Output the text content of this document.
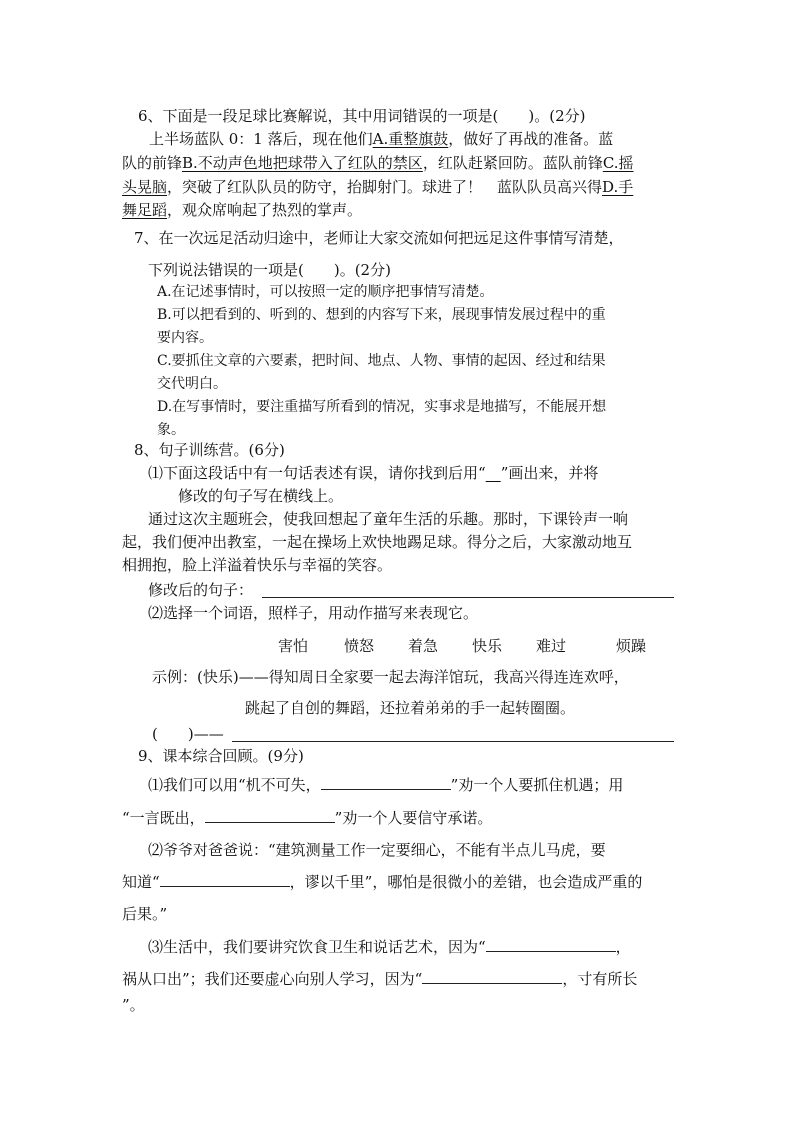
6、下面是一段足球比赛解说，其中用词错误的一项是(　　)。(2分)
上半场蓝队 0：1 落后，现在他们A.重整旗鼓，做好了再战的准备。蓝
队的前锋B.不动声色地把球带入了红队的禁区，红队赶紧回防。蓝队前锋C.摇
头晃脑，突破了红队队员的防守，抬脚射门。球进了！　蓝队队员高兴得D.手
舞足蹈，观众席响起了热烈的掌声。
7、在一次远足活动归途中，老师让大家交流如何把远足这件事情写清楚，
下列说法错误的一项是(　　)。(2分)
A.在记述事情时，可以按照一定的顺序把事情写清楚。
B.可以把看到的、听到的、想到的内容写下来，展现事情发展过程中的重
要内容。
C.要抓住文章的六要素，把时间、地点、人物、事情的起因、经过和结果
交代明白。
D.在写事情时，要注重描写所看到的情况，实事求是地描写，不能展开想
象。
8、句子训练营。(6分)
⑴下面这段话中有一句话表述有误，请你找到后用“　 ”画出来，并将
修改的句子写在横线上。
通过这次主题班会，使我回想起了童年生活的乐趣。那时，下课铃声一响
起，我们便冲出教室，一起在操场上欢快地踢足球。得分之后，大家激动地互
相拥抱，脸上洋溢着快乐与幸福的笑容。
修改后的句子：
⑵选择一个词语，照样子，用动作描写来表现它。
害怕 愤怒 着急 快乐 难过	烦躁
示例：(快乐)——得知周日全家要一起去海洋馆玩，我高兴得连连欢呼，
跳起了自创的舞蹈，还拉着弟弟的手一起转圈圈。
(　　)——
9、课本综合回顾。(9分)
⑴我们可以用“机不可失，	”劝一个人要抓住机遇；用
“一言既出，	”劝一个人要信守承诺。
⑵爷爷对爸爸说：“建筑测量工作一定要细心，不能有半点儿马虎，要
知道“	，谬以千里”，哪怕是很微小的差错，也会造成严重的
后果。”
⑶生活中，我们要讲究饮食卫生和说话艺术，因为“	，
祸从口出”；我们还要虚心向别人学习，因为“	，寸有所长
”。
